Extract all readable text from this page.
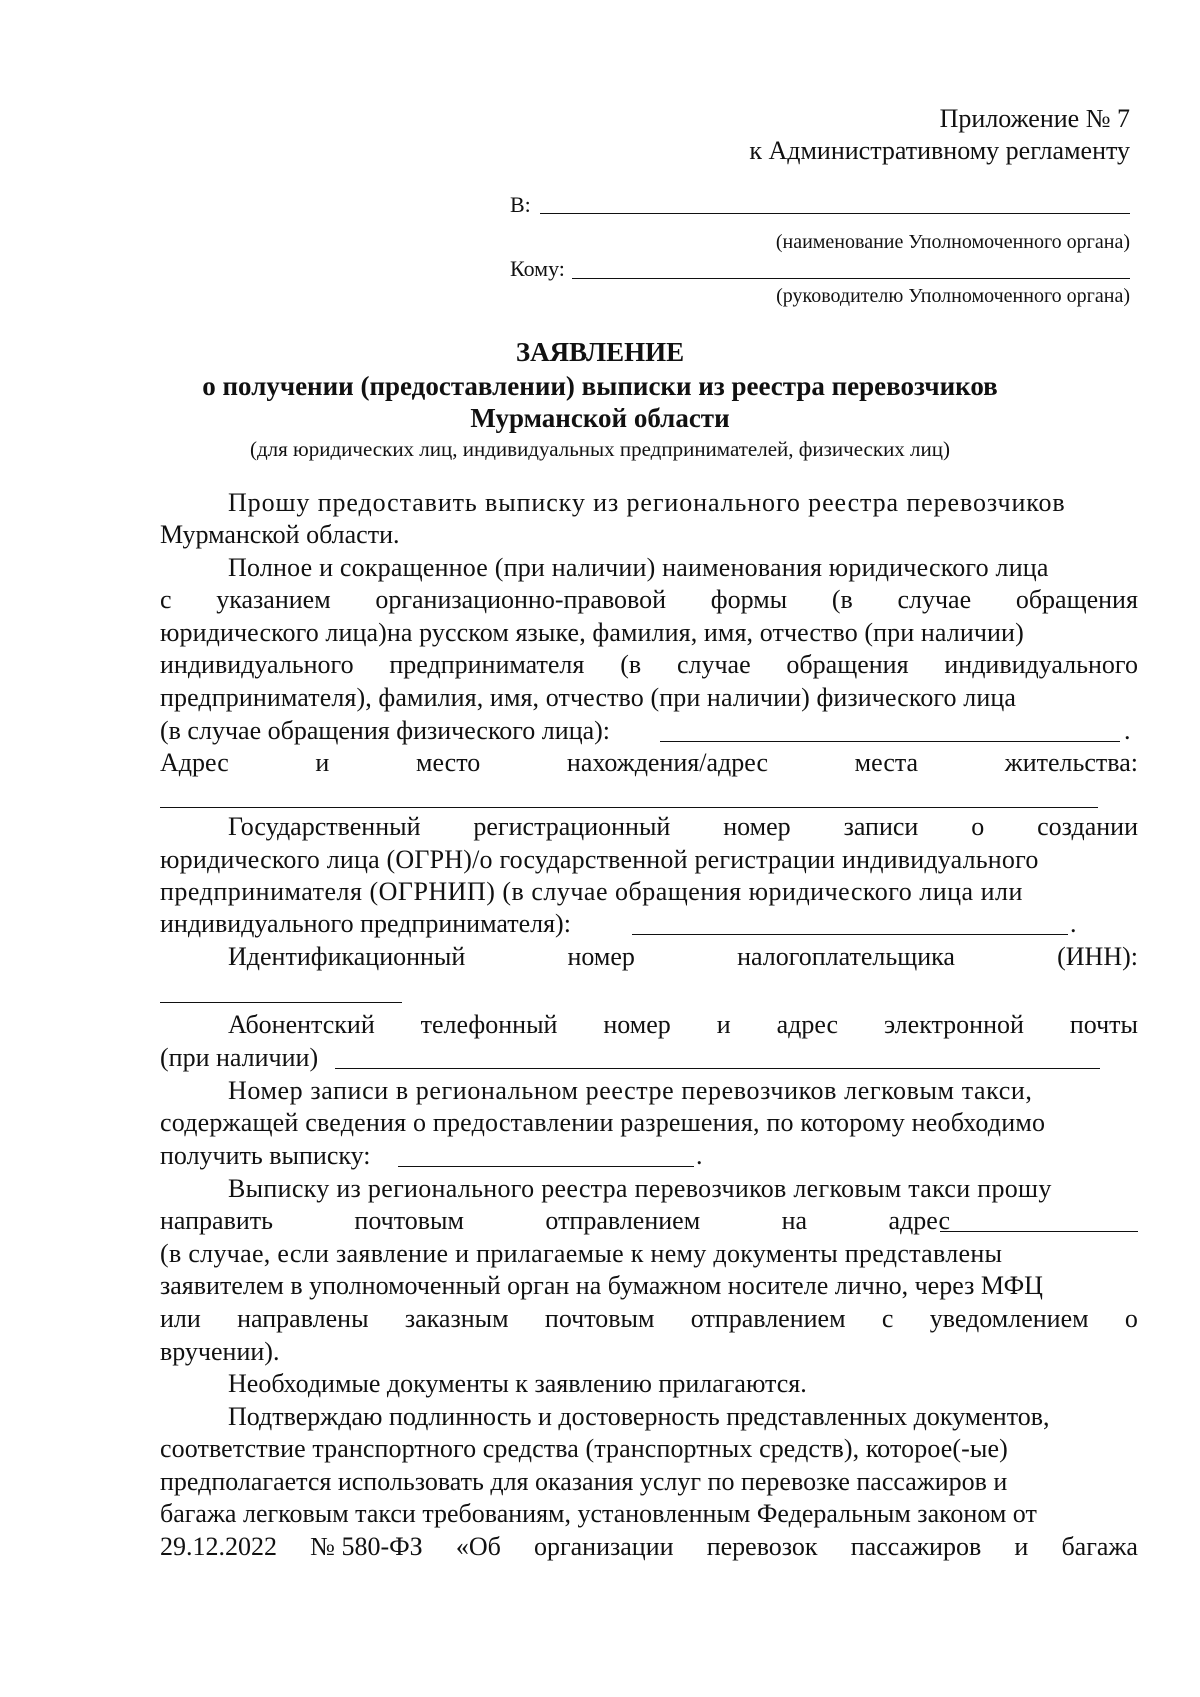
Приложение № 7
к Административному регламенту
В:
(наименование Уполномоченного органа)
Кому:
(руководителю Уполномоченного органа)
ЗАЯВЛЕНИЕ
о получении (предоставлении) выписки из реестра перевозчиков
Мурманской области
(для юридических лиц, индивидуальных предпринимателей, физических лиц)
Прошу предоставить выписку из регионального реестра перевозчиков
Мурманской области.
Полное и сокращенное (при наличии) наименования юридического лица
с указанием организационно-правовой формы (в случае обращения
юридического лица)на русском языке, фамилия, имя, отчество (при наличии)
индивидуального предпринимателя (в случае обращения индивидуального
предпринимателя), фамилия, имя, отчество (при наличии) физического лица
(в случае обращения физического лица):	.
Адрес	и	место	нахождения/адрес	места	жительства:
Государственный регистрационный номер записи о создании
юридического лица (ОГРН)/о государственной регистрации индивидуального
предпринимателя (ОГРНИП) (в случае обращения юридического лица или
индивидуального предпринимателя):	.
Идентификационный	номер	налогоплательщика	(ИНН):
Абонентский телефонный номер и адрес электронной почты
(при наличии)
Номер записи в региональном реестре перевозчиков легковым такси,
содержащей сведения о предоставлении разрешения, по которому необходимо
получить выписку:	.
Выписку из регионального реестра перевозчиков легковым такси прошу
направить	почтовым	отправлением	на	адрес
(в случае, если заявление и прилагаемые к нему документы представлены
заявителем в уполномоченный орган на бумажном носителе лично, через МФЦ
или направлены заказным почтовым отправлением с уведомлением о
вручении).
Необходимые документы к заявлению прилагаются.
Подтверждаю подлинность и достоверность представленных документов,
соответствие транспортного средства (транспортных средств), которое(-ые)
предполагается использовать для оказания услуг по перевозке пассажиров и
багажа легковым такси требованиям, установленным Федеральным законом от
29.12.2022 № 580-ФЗ «Об организации перевозок пассажиров и багажа
